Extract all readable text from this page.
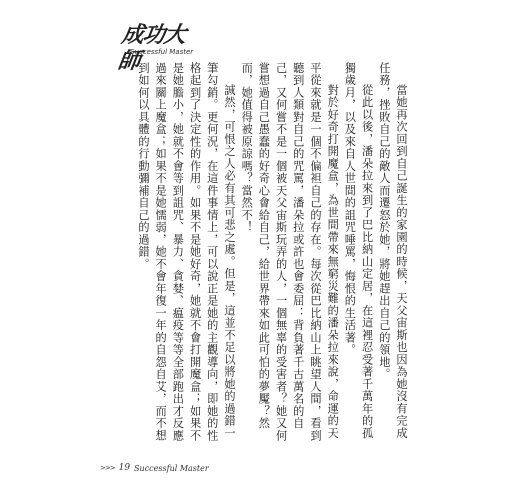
成功大師
Successful Master

當她再次回到自己誕生的家園的時候，天父宙斯也因為她沒有完成任務，挫敗自己的敵人而遷怒於她，將她趕出自己的領地。

從此以後，潘朵拉來到了巴比納山定居，在這裡忍受著千萬年的孤獨歲月，以及來自人世間的詛咒唾罵，悔恨的生活著。

對於好奇打開魔盒，為世間帶來無窮災難的潘朵拉來說，命運的天平從來就是一個不偏袒自己的存在。每次從巴比納山上眺望人間，看到聽到人類對自己的咒罵，潘朵拉或許也會委屈：背負著千古萬名的自己，又何嘗不是一個被天父宙斯玩弄的人，一個無辜的受害者？她又何嘗想過自己愚蠢的好奇心會給自己，給世界帶來如此可怕的夢魘？然而，她值得被原諒嗎？當然不！

誠然，可恨之人必有其可悲之處。但是，這並不足以將她的過錯一筆勾銷。更何況，在這件事情上，可以說正是她的主觀導向，即她的性格起到了決定性的作用。如果不是她好奇，她就不會打開魔盒；如果不是她膽小，她就不會等到詛咒、暴力、貪婪、瘟疫等等全部跑出才反應過來關上魔盒；如果不是她懦弱，她不會年復一年的自怨自艾，而不想到如何以具體的行動彌補自己的過錯。

>>> 19 Successful Master
